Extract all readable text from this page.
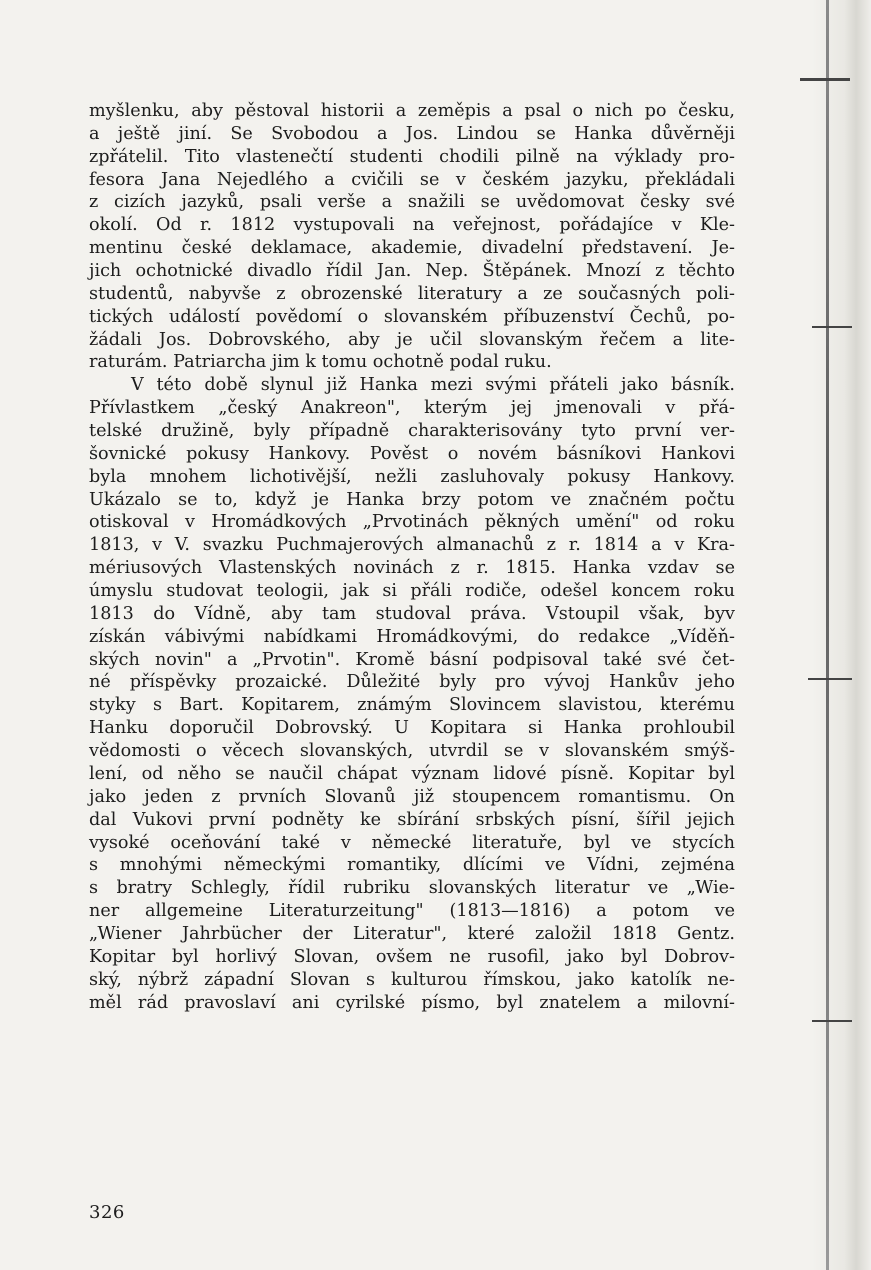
myšlenku, aby pěstoval historii a zeměpis a psal o nich po česku,
a ještě jiní. Se Svobodou a Jos. Lindou se Hanka důvěrněji
zpřátelil. Tito vlastenečtí studenti chodili pilně na výklady pro-
fesora Jana Nejedlého a cvičili se v českém jazyku, překládali
z cizích jazyků, psali verše a snažili se uvědomovat česky své
okolí. Od r. 1812 vystupovali na veřejnost, pořádajíce v Kle-
mentinu české deklamace, akademie, divadelní představení. Je-
jich ochotnické divadlo řídil Jan. Nep. Štěpánek. Mnozí z těchto
studentů, nabyvše z obrozenské literatury a ze současných poli-
tických událostí povědomí o slovanském příbuzenství Čechů, po-
žádali Jos. Dobrovského, aby je učil slovanským řečem a lite-
raturám. Patriarcha jim k tomu ochotně podal ruku.
V této době slynul již Hanka mezi svými přáteli jako básník.
Přívlastkem „český Anakreon", kterým jej jmenovali v přá-
telské družině, byly případně charakterisovány tyto první ver-
šovnické pokusy Hankovy. Pověst o novém básníkovi Hankovi
byla mnohem lichotivější, nežli zasluhovaly pokusy Hankovy.
Ukázalo se to, když je Hanka brzy potom ve značném počtu
otiskoval v Hromádkových „Prvotinách pěkných umění" od roku
1813, v V. svazku Puchmajerových almanachů z r. 1814 a v Kra-
mériusových Vlastenských novinách z r. 1815. Hanka vzdav se
úmyslu studovat teologii, jak si přáli rodiče, odešel koncem roku
1813 do Vídně, aby tam studoval práva. Vstoupil však, byv
získán vábivými nabídkami Hromádkovými, do redakce „Víděň-
ských novin" a „Prvotin". Kromě básní podpisoval také své čet-
né příspěvky prozaické. Důležité byly pro vývoj Hankův jeho
styky s Bart. Kopitarem, známým Slovincem slavistou, kterému
Hanku doporučil Dobrovský. U Kopitara si Hanka prohloubil
vědomosti o věcech slovanských, utvrdil se v slovanském smýš-
lení, od něho se naučil chápat význam lidové písně. Kopitar byl
jako jeden z prvních Slovanů již stoupencem romantismu. On
dal Vukovi první podněty ke sbírání srbských písní, šířil jejich
vysoké oceňování také v německé literatuře, byl ve stycích
s mnohými německými romantiky, dlícími ve Vídni, zejména
s bratry Schlegly, řídil rubriku slovanských literatur ve „Wie-
ner allgemeine Literaturzeitung" (1813—1816) a potom ve
„Wiener Jahrbücher der Literatur", které založil 1818 Gentz.
Kopitar byl horlivý Slovan, ovšem ne rusofil, jako byl Dobrov-
ský, nýbrž západní Slovan s kulturou římskou, jako katolík ne-
měl rád pravoslaví ani cyrilské písmo, byl znatelem a milovní-
326
